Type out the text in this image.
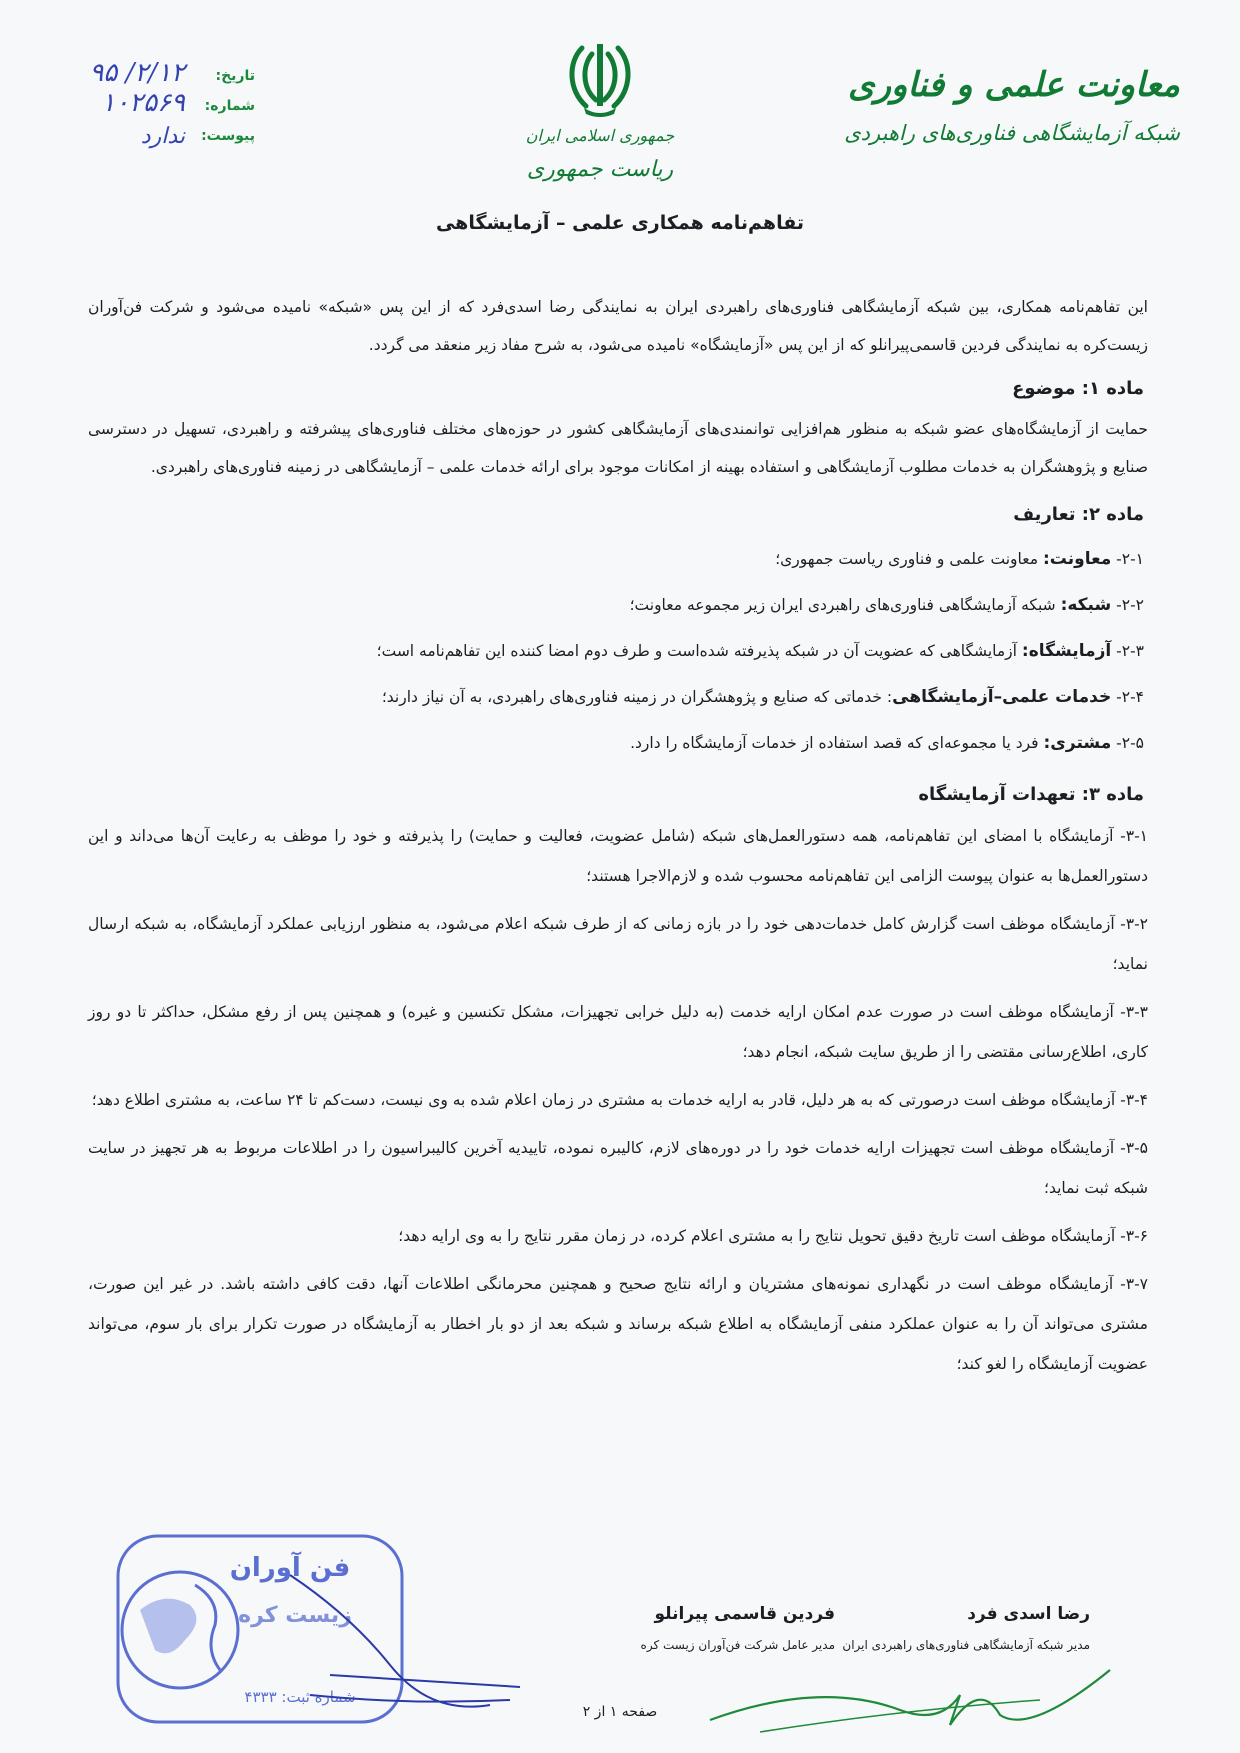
معاونت علمی و فناوری
شبکه آزمایشگاهی فناوری‌های راهبردی
جمهوری اسلامی ایران
ریاست جمهوری
تاریخ:
۹۵ /۲/۱۲
شماره:
۱۰۲۵۶۹
پیوست:
ندارد
تفاهم‌نامه همکاری علمی – آزمایشگاهی

این تفاهم‌نامه همکاری، بین شبکه آزمایشگاهی فناوری‌های راهبردی ایران به نمایندگی رضا اسدی‌فرد که از این پس «شبکه» نامیده می‌شود و شرکت فن‌آوران زیست‌کره به نمایندگی فردین قاسمی‌پیرانلو که از این پس «آزمایشگاه» نامیده می‌شود، به شرح مفاد زیر منعقد می گردد.

ماده ۱: موضوع

حمایت از آزمایشگاه‌های عضو شبکه به منظور هم‌افزایی توانمندی‌های آزمایشگاهی کشور در حوزه‌های مختلف فناوری‌های پیشرفته و راهبردی، تسهیل در دسترسی صنایع و پژوهشگران به خدمات مطلوب آزمایشگاهی و استفاده بهینه از امکانات موجود برای ارائه خدمات علمی – آزمایشگاهی در زمینه فناوری‌های راهبردی.

ماده ۲: تعاریف

۲-۱- معاونت: معاونت علمی و فناوری ریاست جمهوری؛

۲-۲- شبکه: شبکه آزمایشگاهی فناوری‌های راهبردی ایران زیر مجموعه معاونت؛

۲-۳- آزمایشگاه: آزمایشگاهی که عضویت آن در شبکه پذیرفته شده‌است و طرف دوم امضا کننده این تفاهم‌نامه است؛

۲-۴- خدمات علمی–آزمایشگاهی: خدماتی که صنایع و پژوهشگران در زمینه فناوری‌های راهبردی، به آن نیاز دارند؛

۲-۵- مشتری: فرد یا مجموعه‌ای که قصد استفاده از خدمات آزمایشگاه را دارد.

ماده ۳: تعهدات آزمایشگاه

۳-۱- آزمایشگاه با امضای این تفاهم‌نامه، همه دستورالعمل‌های شبکه (شامل عضویت، فعالیت و حمایت) را پذیرفته و خود را موظف به رعایت آن‌ها می‌داند و این دستورالعمل‌ها به عنوان پیوست الزامی این تفاهم‌نامه محسوب شده و لازم‌الاجرا هستند؛

۳-۲- آزمایشگاه موظف است گزارش کامل خدمات‌دهی خود را در بازه زمانی که از طرف شبکه اعلام می‌شود، به منظور ارزیابی عملکرد آزمایشگاه، به شبکه ارسال نماید؛

۳-۳- آزمایشگاه موظف است در صورت عدم امکان ارایه خدمت (به دلیل خرابی تجهیزات، مشکل تکنسین و غیره) و همچنین پس از رفع مشکل، حداکثر تا دو روز کاری، اطلاع‌رسانی مقتضی را از طریق سایت شبکه، انجام دهد؛

۳-۴- آزمایشگاه موظف است درصورتی که به هر دلیل، قادر به ارایه خدمات به مشتری در زمان اعلام شده به وی نیست، دست‌کم تا ۲۴ ساعت، به مشتری اطلاع دهد؛

۳-۵- آزمایشگاه موظف است تجهیزات ارایه خدمات خود را در دوره‌های لازم، کالیبره نموده، تاییدیه آخرین کالیبراسیون را در اطلاعات مربوط به هر تجهیز در سایت شبکه ثبت نماید؛

۳-۶- آزمایشگاه موظف است تاریخ دقیق تحویل نتایج را به مشتری اعلام کرده، در زمان مقرر نتایج را به وی ارایه دهد؛

۳-۷- آزمایشگاه موظف است در نگهداری نمونه‌های مشتریان و ارائه نتایج صحیح و همچنین محرمانگی اطلاعات آنها، دقت کافی داشته باشد. در غیر این صورت، مشتری می‌تواند آن را به عنوان عملکرد منفی آزمایشگاه به اطلاع شبکه برساند و شبکه بعد از دو بار اخطار به آزمایشگاه در صورت تکرار برای بار سوم، می‌تواند عضویت آزمایشگاه را لغو کند؛

فن آوران
زیست کره
شماره ثبت: ۴۳۳۳
فردین قاسمی پیرانلو
مدیر عامل شرکت فن‌آوران زیست کره
رضا اسدی فرد
مدیر شبکه آزمایشگاهی فناوری‌های راهبردی ایران
صفحه ۱ از ۲
